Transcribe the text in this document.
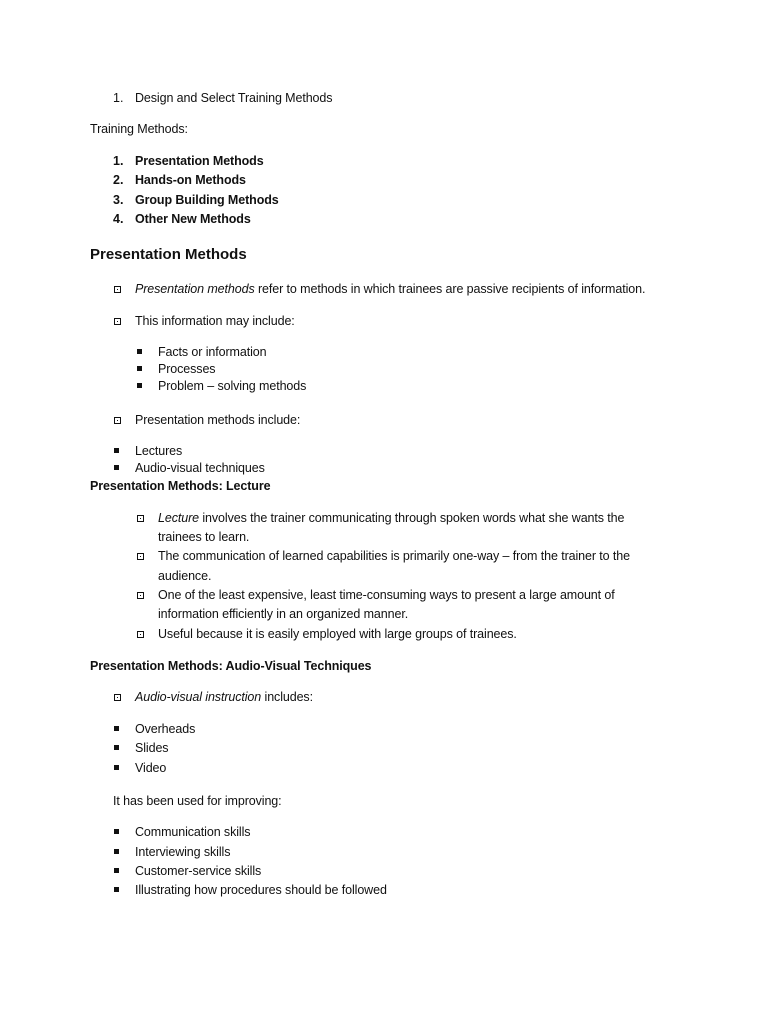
1. Design and Select Training Methods
Training Methods:
1. Presentation Methods
2. Hands-on Methods
3. Group Building Methods
4. Other New Methods
Presentation Methods
Presentation methods refer to methods in which trainees are passive recipients of information.
This information may include:
Facts or information
Processes
Problem – solving methods
Presentation methods include:
Lectures
Audio-visual techniques
Presentation Methods: Lecture
Lecture involves the trainer communicating through spoken words what she wants the
trainees to learn.
The communication of learned capabilities is primarily one-way – from the trainer to the
audience.
One of the least expensive, least time-consuming ways to present a large amount of
information efficiently in an organized manner.
Useful because it is easily employed with large groups of trainees.
Presentation Methods: Audio-Visual Techniques
Audio-visual instruction includes:
Overheads
Slides
Video
It has been used for improving:
Communication skills
Interviewing skills
Customer-service skills
Illustrating how procedures should be followed
